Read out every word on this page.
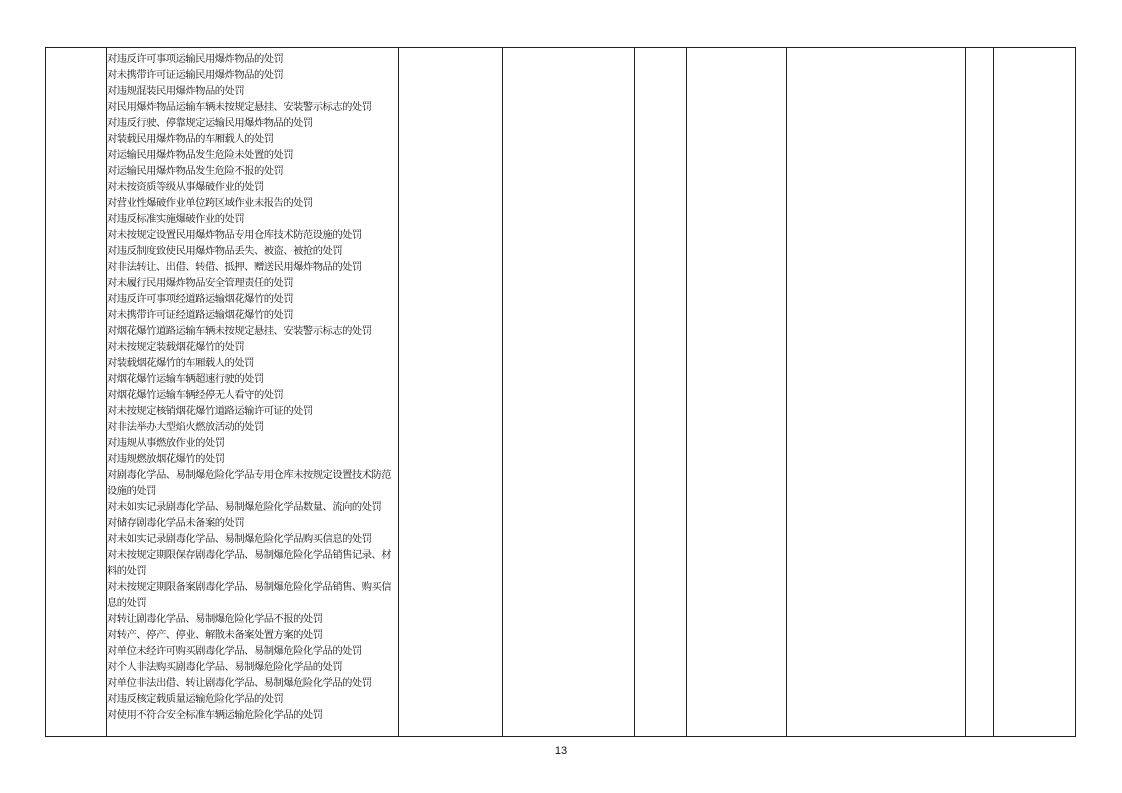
对违反许可事项运输民用爆炸物品的处罚
对未携带许可证运输民用爆炸物品的处罚
对违规混装民用爆炸物品的处罚
对民用爆炸物品运输车辆未按规定悬挂、安装警示标志的处罚
对违反行驶、停靠规定运输民用爆炸物品的处罚
对装载民用爆炸物品的车厢载人的处罚
对运输民用爆炸物品发生危险未处置的处罚
对运输民用爆炸物品发生危险不报的处罚
对未按资质等级从事爆破作业的处罚
对营业性爆破作业单位跨区域作业未报告的处罚
对违反标准实施爆破作业的处罚
对未按规定设置民用爆炸物品专用仓库技术防范设施的处罚
对违反制度致使民用爆炸物品丢失、被盗、被抢的处罚
对非法转让、出借、转借、抵押、赠送民用爆炸物品的处罚
对未履行民用爆炸物品安全管理责任的处罚
对违反许可事项经道路运输烟花爆竹的处罚
对未携带许可证经道路运输烟花爆竹的处罚
对烟花爆竹道路运输车辆未按规定悬挂、安装警示标志的处罚
对未按规定装载烟花爆竹的处罚
对装载烟花爆竹的车厢载人的处罚
对烟花爆竹运输车辆超速行驶的处罚
对烟花爆竹运输车辆经停无人看守的处罚
对未按规定核销烟花爆竹道路运输许可证的处罚
对非法举办大型焰火燃放活动的处罚
对违规从事燃放作业的处罚
对违规燃放烟花爆竹的处罚
对剧毒化学品、易制爆危险化学品专用仓库未按规定设置技术防范设施的处罚
对未如实记录剧毒化学品、易制爆危险化学品数量、流向的处罚
对储存剧毒化学品未备案的处罚
对未如实记录剧毒化学品、易制爆危险化学品购买信息的处罚
对未按规定期限保存剧毒化学品、易制爆危险化学品销售记录、材料的处罚
对未按规定期限备案剧毒化学品、易制爆危险化学品销售、购买信息的处罚
对转让剧毒化学品、易制爆危险化学品不报的处罚
对转产、停产、停业、解散未备案处置方案的处罚
对单位未经许可购买剧毒化学品、易制爆危险化学品的处罚
对个人非法购买剧毒化学品、易制爆危险化学品的处罚
对单位非法出借、转让剧毒化学品、易制爆危险化学品的处罚
对违反核定载质量运输危险化学品的处罚
对使用不符合安全标准车辆运输危险化学品的处罚
13
